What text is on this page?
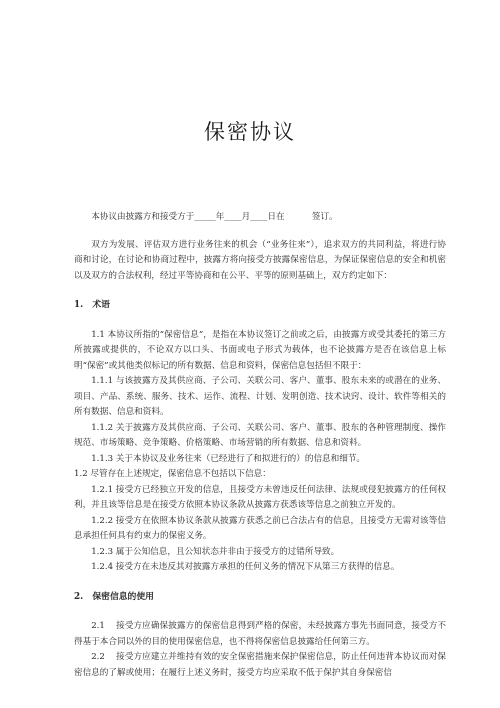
保密协议

本协议由披露方和接受方于_____年____月____日在          签订。

双方为发展、评估双方进行业务往来的机会（“业务往来”），追求双方的共同利益，将进行协商和讨论，在讨论和协商过程中，披露方将向接受方披露保密信息，为保证保密信息的安全和机密以及双方的合法权利，经过平等协商和在公平、平等的原则基础上，双方约定如下：

1.   术语

1.1 本协议所指的“保密信息”，是指在本协议签订之前或之后，由披露方或受其委托的第三方所披露或提供的，不论双方以口头、书面或电子形式为载体，也不论披露方是否在该信息上标明“保密”或其他类似标记的所有数据、信息和资料，保密信息包括但不限于：

1.1.1 与该披露方及其供应商、子公司、关联公司、客户、董事、股东未来的或潜在的业务、项目、产品、系统、服务、技术、运作、流程、计划、发明创造、技术诀窍、设计、软件等相关的所有数据、信息和资料。

1.1.2 关于披露方及其供应商、子公司、关联公司、客户、董事、股东的各种管理制度、操作规范、市场策略、竞争策略、价格策略、市场营销的所有数据、信息和资料。

1.1.3 关于本协议及业务往来（已经进行了和拟进行的）的信息和细节。

1.2 尽管存在上述规定，保密信息不包括以下信息：

1.2.1 接受方已经独立开发的信息，且接受方未曾违反任何法律、法规或侵犯披露方的任何权利，并且该等信息是在接受方依照本协议条款从披露方获悉该等信息之前独立开发的。

1.2.2 接受方在依照本协议条款从披露方获悉之前已合法占有的信息，且接受方无需对该等信息承担任何具有约束力的保密义务。

1.2.3 属于公知信息，且公知状态并非由于接受方的过错所导致。

1.2.4 接受方在未违反其对披露方承担的任何义务的情况下从第三方获得的信息。

2.   保密信息的使用

2.1    接受方应确保披露方的保密信息得到严格的保密，未经披露方事先书面同意，接受方不得基于本合同以外的目的使用保密信息，也不得将保密信息披露给任何第三方。

2.2    接受方应建立并维持有效的安全保密措施来保护保密信息，防止任何违背本协议而对保密信息的了解或使用；在履行上述义务时，接受方均应采取不低于保护其自身保密信
